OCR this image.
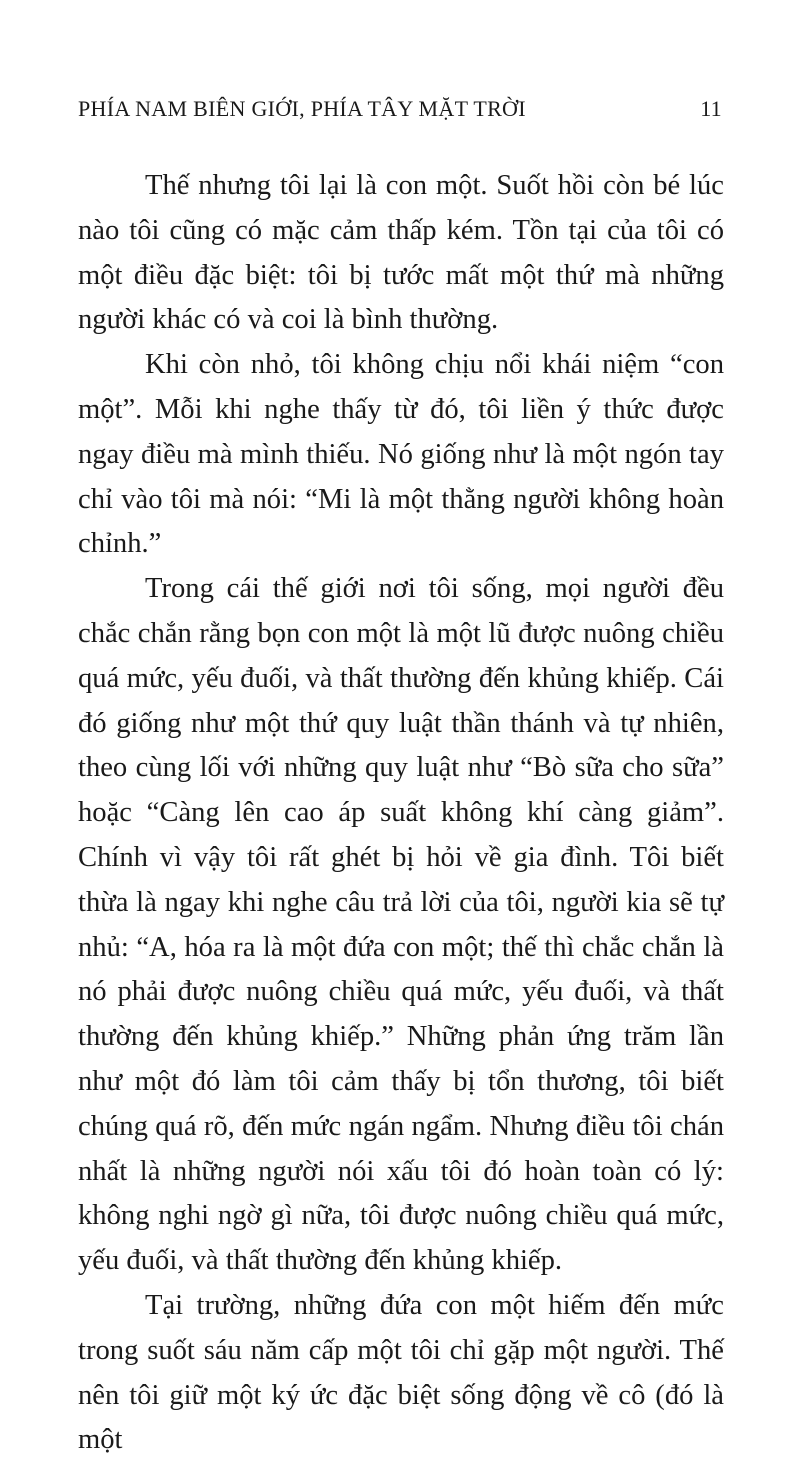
PHÍA NAM BIÊN GIỚI, PHÍA TÂY MẶT TRỜI	11

Thế nhưng tôi lại là con một. Suốt hồi còn bé lúc nào tôi cũng có mặc cảm thấp kém. Tồn tại của tôi có một điều đặc biệt: tôi bị tước mất một thứ mà những người khác có và coi là bình thường.

Khi còn nhỏ, tôi không chịu nổi khái niệm “con một”. Mỗi khi nghe thấy từ đó, tôi liền ý thức được ngay điều mà mình thiếu. Nó giống như là một ngón tay chỉ vào tôi mà nói: “Mi là một thằng người không hoàn chỉnh.”

Trong cái thế giới nơi tôi sống, mọi người đều chắc chắn rằng bọn con một là một lũ được nuông chiều quá mức, yếu đuối, và thất thường đến khủng khiếp. Cái đó giống như một thứ quy luật thần thánh và tự nhiên, theo cùng lối với những quy luật như “Bò sữa cho sữa” hoặc “Càng lên cao áp suất không khí càng giảm”. Chính vì vậy tôi rất ghét bị hỏi về gia đình. Tôi biết thừa là ngay khi nghe câu trả lời của tôi, người kia sẽ tự nhủ: “A, hóa ra là một đứa con một; thế thì chắc chắn là nó phải được nuông chiều quá mức, yếu đuối, và thất thường đến khủng khiếp.” Những phản ứng trăm lần như một đó làm tôi cảm thấy bị tổn thương, tôi biết chúng quá rõ, đến mức ngán ngẩm. Nhưng điều tôi chán nhất là những người nói xấu tôi đó hoàn toàn có lý: không nghi ngờ gì nữa, tôi được nuông chiều quá mức, yếu đuối, và thất thường đến khủng khiếp.

Tại trường, những đứa con một hiếm đến mức trong suốt sáu năm cấp một tôi chỉ gặp một người. Thế nên tôi giữ một ký ức đặc biệt sống động về cô (đó là một
